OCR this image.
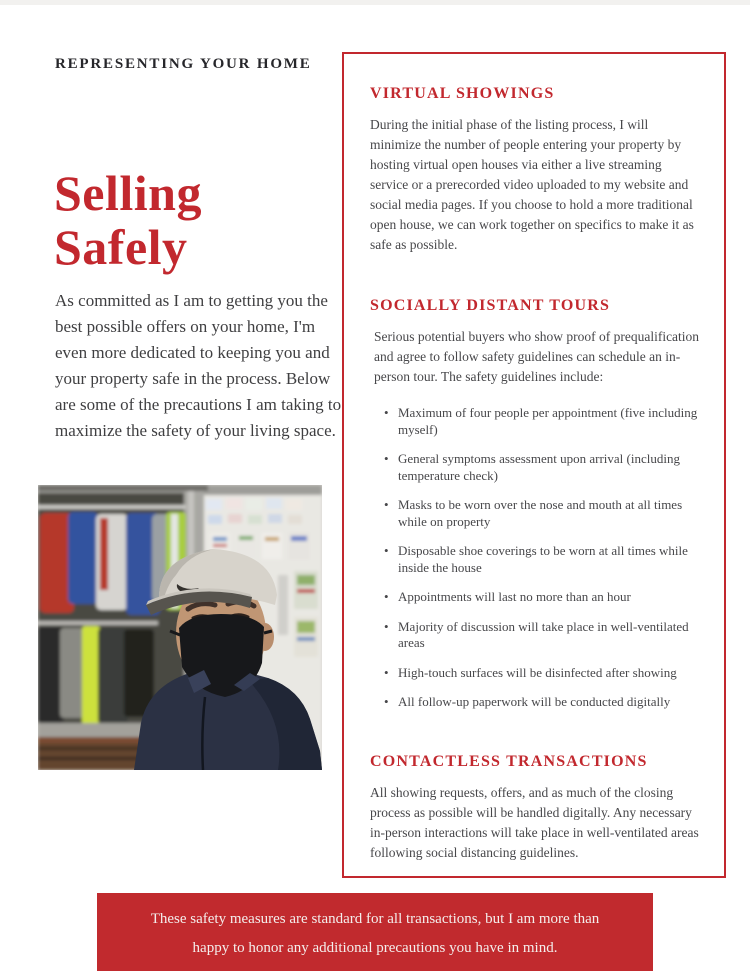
REPRESENTING YOUR HOME
Selling
Safely

As committed as I am to getting you the best possible offers on your home, I'm even more dedicated to keeping you and your property safe in the process. Below are some of the precautions I am taking to maximize the safety of your living space.

VIRTUAL SHOWINGS

During the initial phase of the listing process, I will minimize the number of people entering your property by hosting virtual open houses via either a live streaming service or a prerecorded video uploaded to my website and social media pages. If you choose to hold a more traditional open house, we can work together on specifics to make it as safe as possible.

SOCIALLY DISTANT TOURS

Serious potential buyers who show proof of prequalification and agree to follow safety guidelines can schedule an in-person tour. The safety guidelines include:

• Maximum of four people per appointment (five including myself)
• General symptoms assessment upon arrival (including temperature check)
• Masks to be worn over the nose and mouth at all times while on property
• Disposable shoe coverings to be worn at all times while inside the house
• Appointments will last no more than an hour
• Majority of discussion will take place in well-ventilated areas
• High-touch surfaces will be disinfected after showing
• All follow-up paperwork will be conducted digitally
CONTACTLESS TRANSACTIONS

All showing requests, offers, and as much of the closing process as possible will be handled digitally. Any necessary in-person interactions will take place in well-ventilated areas following social distancing guidelines.

These safety measures are standard for all transactions, but I am more than happy to honor any additional precautions you have in mind.
